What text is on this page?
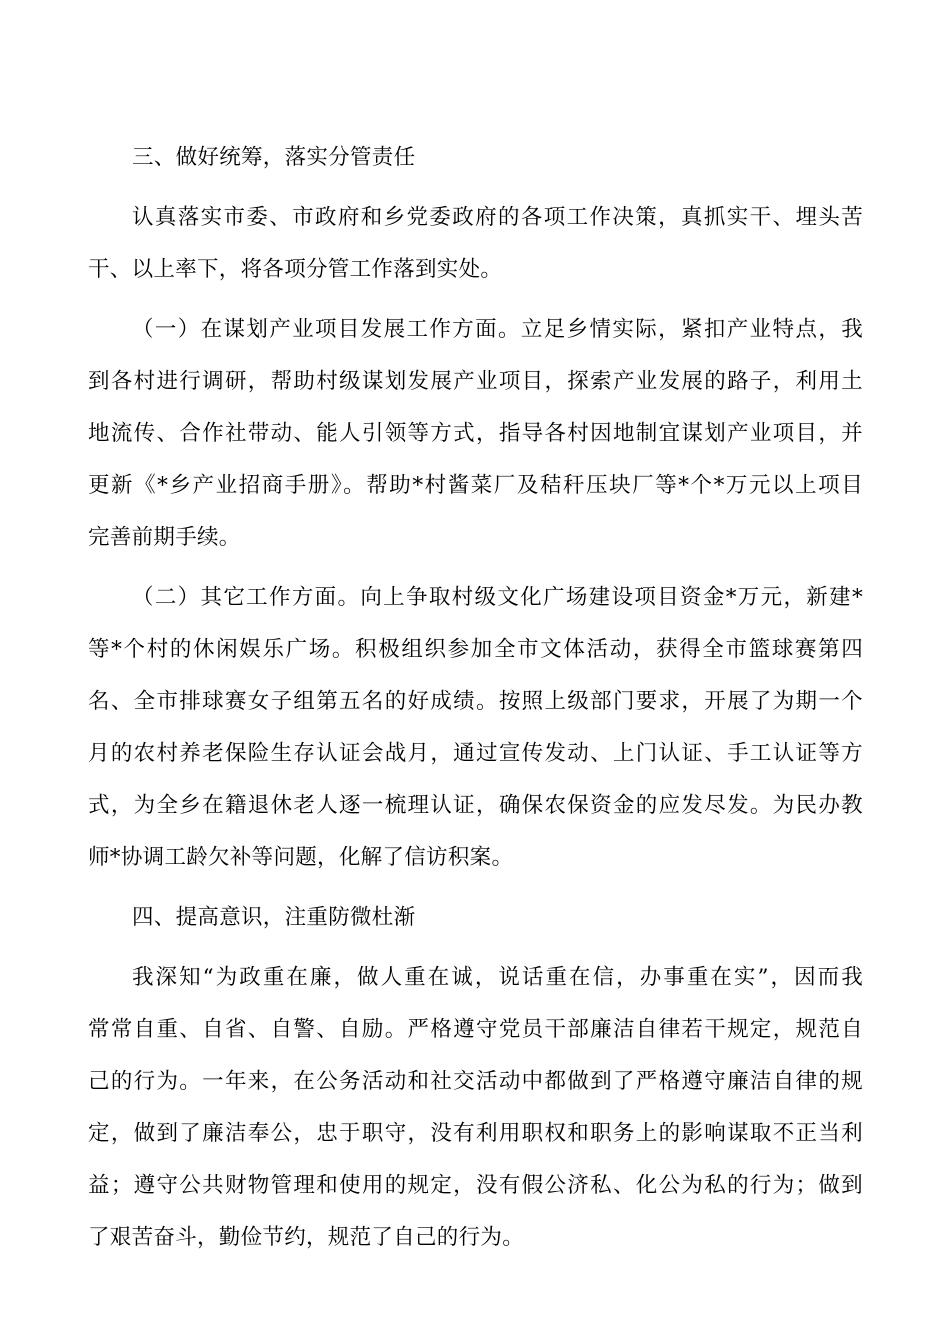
三、做好统筹，落实分管责任
认真落实市委、市政府和乡党委政府的各项工作决策，真抓实干、埋头苦
干、以上率下，将各项分管工作落到实处。
（一）在谋划产业项目发展工作方面。立足乡情实际，紧扣产业特点，我
到各村进行调研，帮助村级谋划发展产业项目，探索产业发展的路子，利用土
地流传、合作社带动、能人引领等方式，指导各村因地制宜谋划产业项目，并
更新《*乡产业招商手册》。帮助*村酱菜厂及秸秆压块厂等*个*万元以上项目
完善前期手续。
（二）其它工作方面。向上争取村级文化广场建设项目资金*万元，新建*
等*个村的休闲娱乐广场。积极组织参加全市文体活动，获得全市篮球赛第四
名、全市排球赛女子组第五名的好成绩。按照上级部门要求，开展了为期一个
月的农村养老保险生存认证会战月，通过宣传发动、上门认证、手工认证等方
式，为全乡在籍退休老人逐一梳理认证，确保农保资金的应发尽发。为民办教
师*协调工龄欠补等问题，化解了信访积案。
四、提高意识，注重防微杜渐
我深知“为政重在廉，做人重在诚，说话重在信，办事重在实”，因而我
常常自重、自省、自警、自励。严格遵守党员干部廉洁自律若干规定，规范自
己的行为。一年来，在公务活动和社交活动中都做到了严格遵守廉洁自律的规
定，做到了廉洁奉公，忠于职守，没有利用职权和职务上的影响谋取不正当利
益；遵守公共财物管理和使用的规定，没有假公济私、化公为私的行为；做到
了艰苦奋斗，勤俭节约，规范了自己的行为。
